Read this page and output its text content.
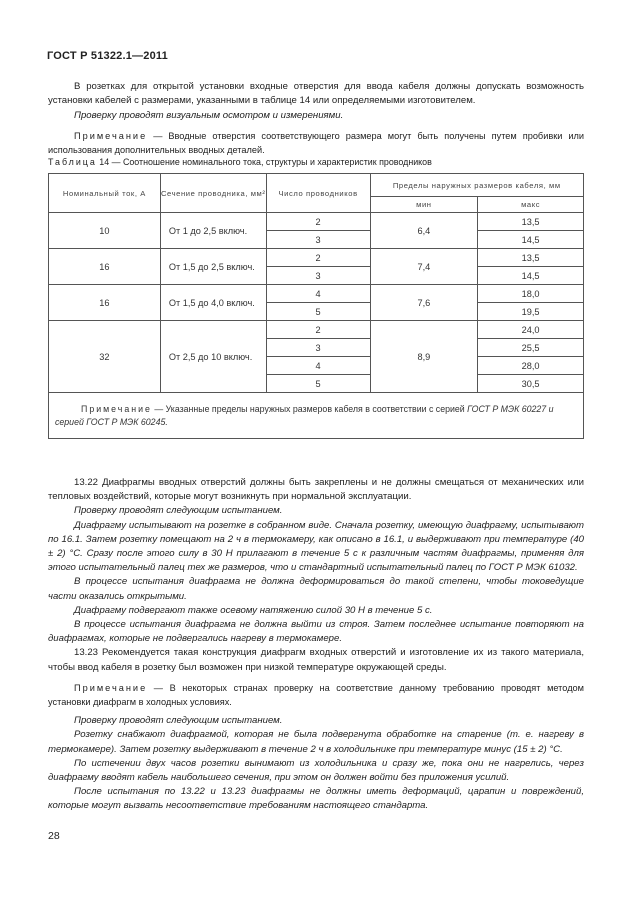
ГОСТ Р 51322.1—2011

В розетках для открытой установки входные отверстия для ввода кабеля должны допускать возможность установки кабелей с размерами, указанными в таблице 14 или определяемыми изготовителем.

Проверку проводят визуальным осмотром и измерениями.

Примечание — Вводные отверстия соответствующего размера могут быть получены путем пробивки или использования дополнительных вводных деталей.

Таблица 14 — Соотношение номинального тока, структуры и характеристик проводников
Номинальный ток, А	Сечение проводника, мм²	Число проводников	Пределы наружных размеров кабеля, мм	
			мин	макс
10	От 1 до 2,5 включ.	2	6,4	13,5
		3		14,5
16	От 1,5 до 2,5 включ.	2	7,4	13,5
		3		14,5
16	От 1,5 до 4,0 включ.	4	7,6	18,0
		5		19,5
32	От 2,5 до 10 включ.	2	8,9	24,0
		3		25,5
		4		28,0
		5		30,5
Примечание — Указанные пределы наружных размеров кабеля в соответствии с серией ГОСТ Р МЭК 60227 и серией ГОСТ Р МЭК 60245.				

13.22 Диафрагмы вводных отверстий должны быть закреплены и не должны смещаться от механических или тепловых воздействий, которые могут возникнуть при нормальной эксплуатации.

Проверку проводят следующим испытанием.

Диафрагму испытывают на розетке в собранном виде. Сначала розетку, имеющую диафрагму, испытывают по 16.1. Затем розетку помещают на 2 ч в термокамеру, как описано в 16.1, и выдерживают при температуре (40 ± 2) °С. Сразу после этого силу в 30 Н прилагают в течение 5 с к различным частям диафрагмы, применяя для этого испытательный палец тех же размеров, что и стандартный испытательный палец по ГОСТ Р МЭК 61032.

В процессе испытания диафрагма не должна деформироваться до такой степени, чтобы токоведущие части оказались открытыми.

Диафрагму подвергают также осевому натяжению силой 30 Н в течение 5 с.

В процессе испытания диафрагма не должна выйти из строя. Затем последнее испытание повторяют на диафрагмах, которые не подвергались нагреву в термокамере.

13.23 Рекомендуется такая конструкция диафрагм входных отверстий и изготовление их из такого материала, чтобы ввод кабеля в розетку был возможен при низкой температуре окружающей среды.

Примечание — В некоторых странах проверку на соответствие данному требованию проводят методом установки диафрагм в холодных условиях.

Проверку проводят следующим испытанием.

Розетку снабжают диафрагмой, которая не была подвергнута обработке на старение (т. е. нагреву в термокамере). Затем розетку выдерживают в течение 2 ч в холодильнике при температуре минус (15 ± 2) °С.

По истечении двух часов розетки вынимают из холодильника и сразу же, пока они не нагрелись, через диафрагму вводят кабель наибольшего сечения, при этом он должен войти без приложения усилий.

После испытания по 13.22 и 13.23 диафрагмы не должны иметь деформаций, царапин и повреждений, которые могут вызвать несоответствие требованиям настоящего стандарта.

28
